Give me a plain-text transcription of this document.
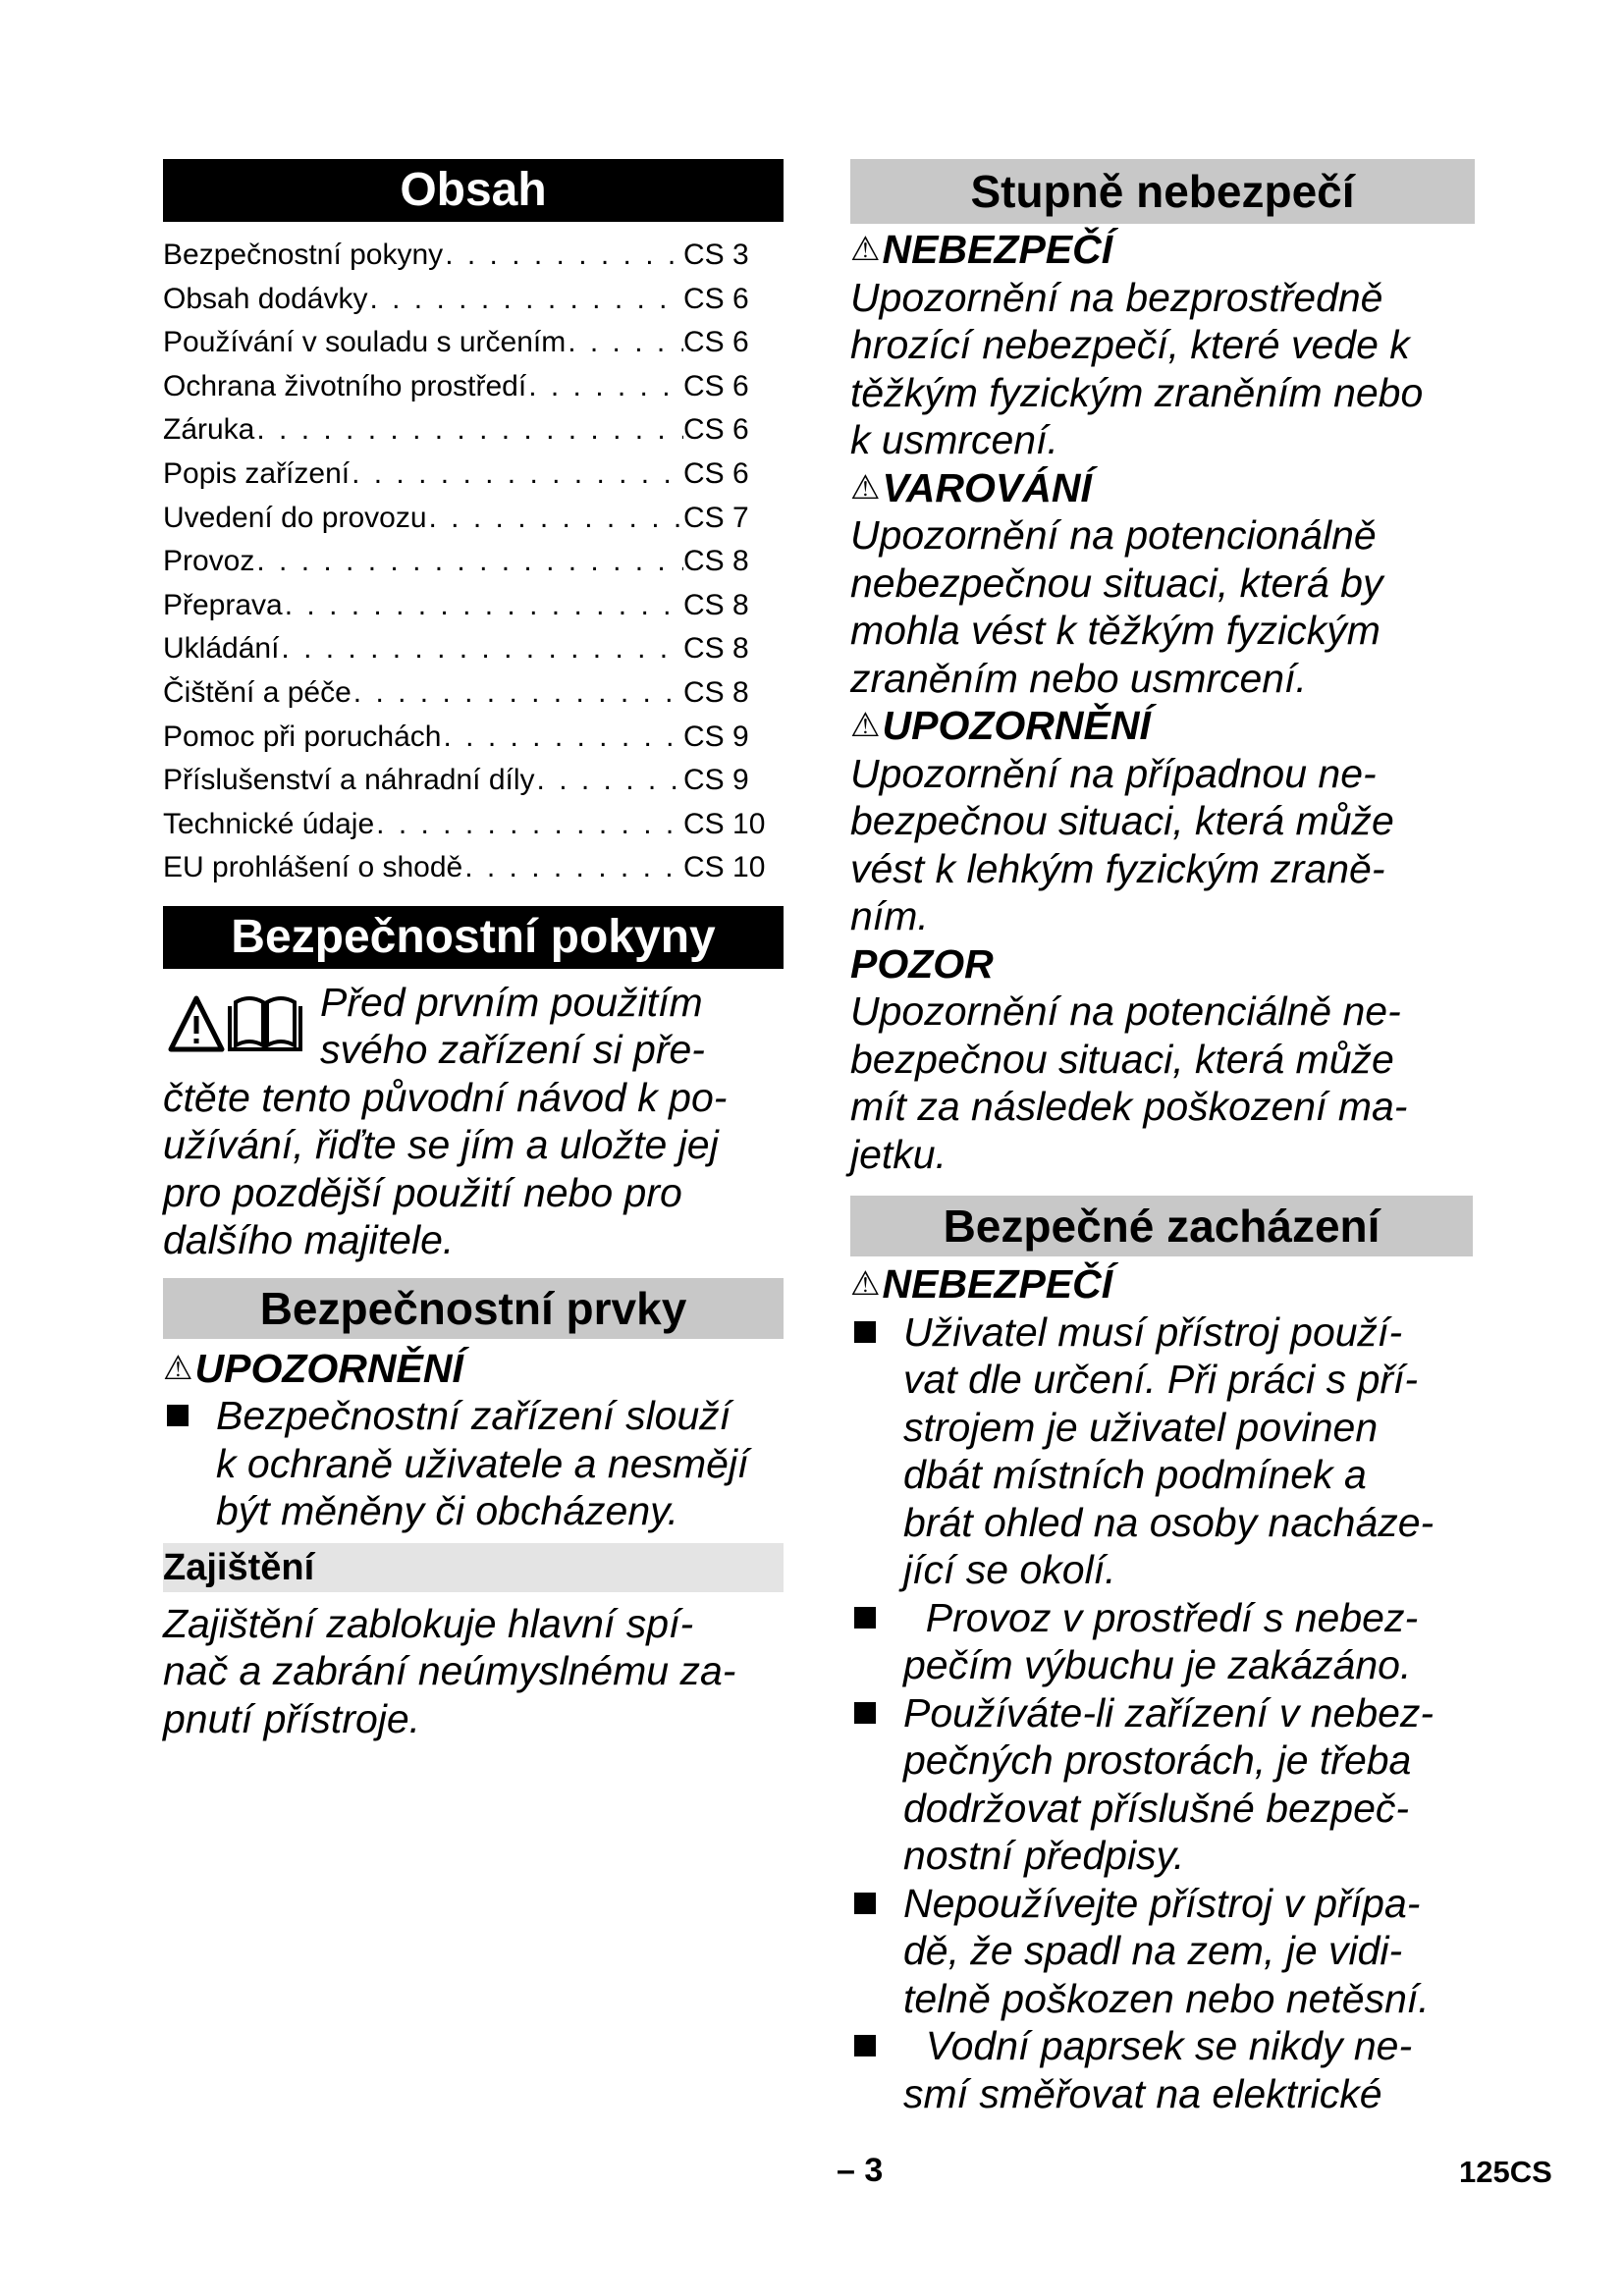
Obsah
Bezpečnostní pokyny . . .	CS 3
Obsah dodávky . . .	CS 6
Používání v souladu s určením . . .	CS 6
Ochrana životního prostředí . . .	CS 6
Záruka . . .	CS 6
Popis zařízení . . .	CS 6
Uvedení do provozu . . .	CS 7
Provoz . . .	CS 8
Přeprava . . .	CS 8
Ukládání . . .	CS 8
Čištění a péče . . .	CS 8
Pomoc při poruchách . . .	CS 9
Příslušenství a náhradní díly . . .	CS 9
Technické údaje . . .	CS 10
EU prohlášení o shodě . . .	CS 10
Bezpečnostní pokyny

Před prvním použitím

svého zařízení si pře-

čtěte tento původní návod k po-

užívání, řiďte se jím a uložte jej

pro pozdější použití nebo pro

dalšího majitele.

Bezpečnostní prvky

⚠ UPOZORNĚNÍ

Bezpečnostní zařízení slouží
k ochraně uživatele a nesmějí
být měněny či obcházeny.
Zajištění

Zajištění zablokuje hlavní spí-

nač a zabrání neúmyslnému za-

pnutí přístroje.

Stupně nebezpečí

⚠ NEBEZPEČÍ

Upozornění na bezprostředně

hrozící nebezpečí, které vede k

těžkým fyzickým zraněním nebo

k usmrcení.

⚠ VAROVÁNÍ

Upozornění na potencionálně

nebezpečnou situaci, která by

mohla vést k těžkým fyzickým

zraněním nebo usmrcení.

⚠ UPOZORNĚNÍ

Upozornění na případnou ne-

bezpečnou situaci, která může

vést k lehkým fyzickým zraně-

ním.

POZOR

Upozornění na potenciálně ne-

bezpečnou situaci, která může

mít za následek poškození ma-

jetku.

Bezpečné zacházení

⚠ NEBEZPEČÍ

Uživatel musí přístroj použí-
vat dle určení. Při práci s pří-
strojem je uživatel povinen
dbát místních podmínek a
brát ohled na osoby nacháze-
jící se okolí.
Provoz v prostředí s nebez-
pečím výbuchu je zakázáno.
Používáte-li zařízení v nebez-
pečných prostorách, je třeba
dodržovat příslušné bezpeč-
nostní předpisy.
Nepoužívejte přístroj v přípa-
dě, že spadl na zem, je vidi-
telně poškozen nebo netěsní.
Vodní paprsek se nikdy ne-
smí směřovat na elektrické
– 3	125CS
